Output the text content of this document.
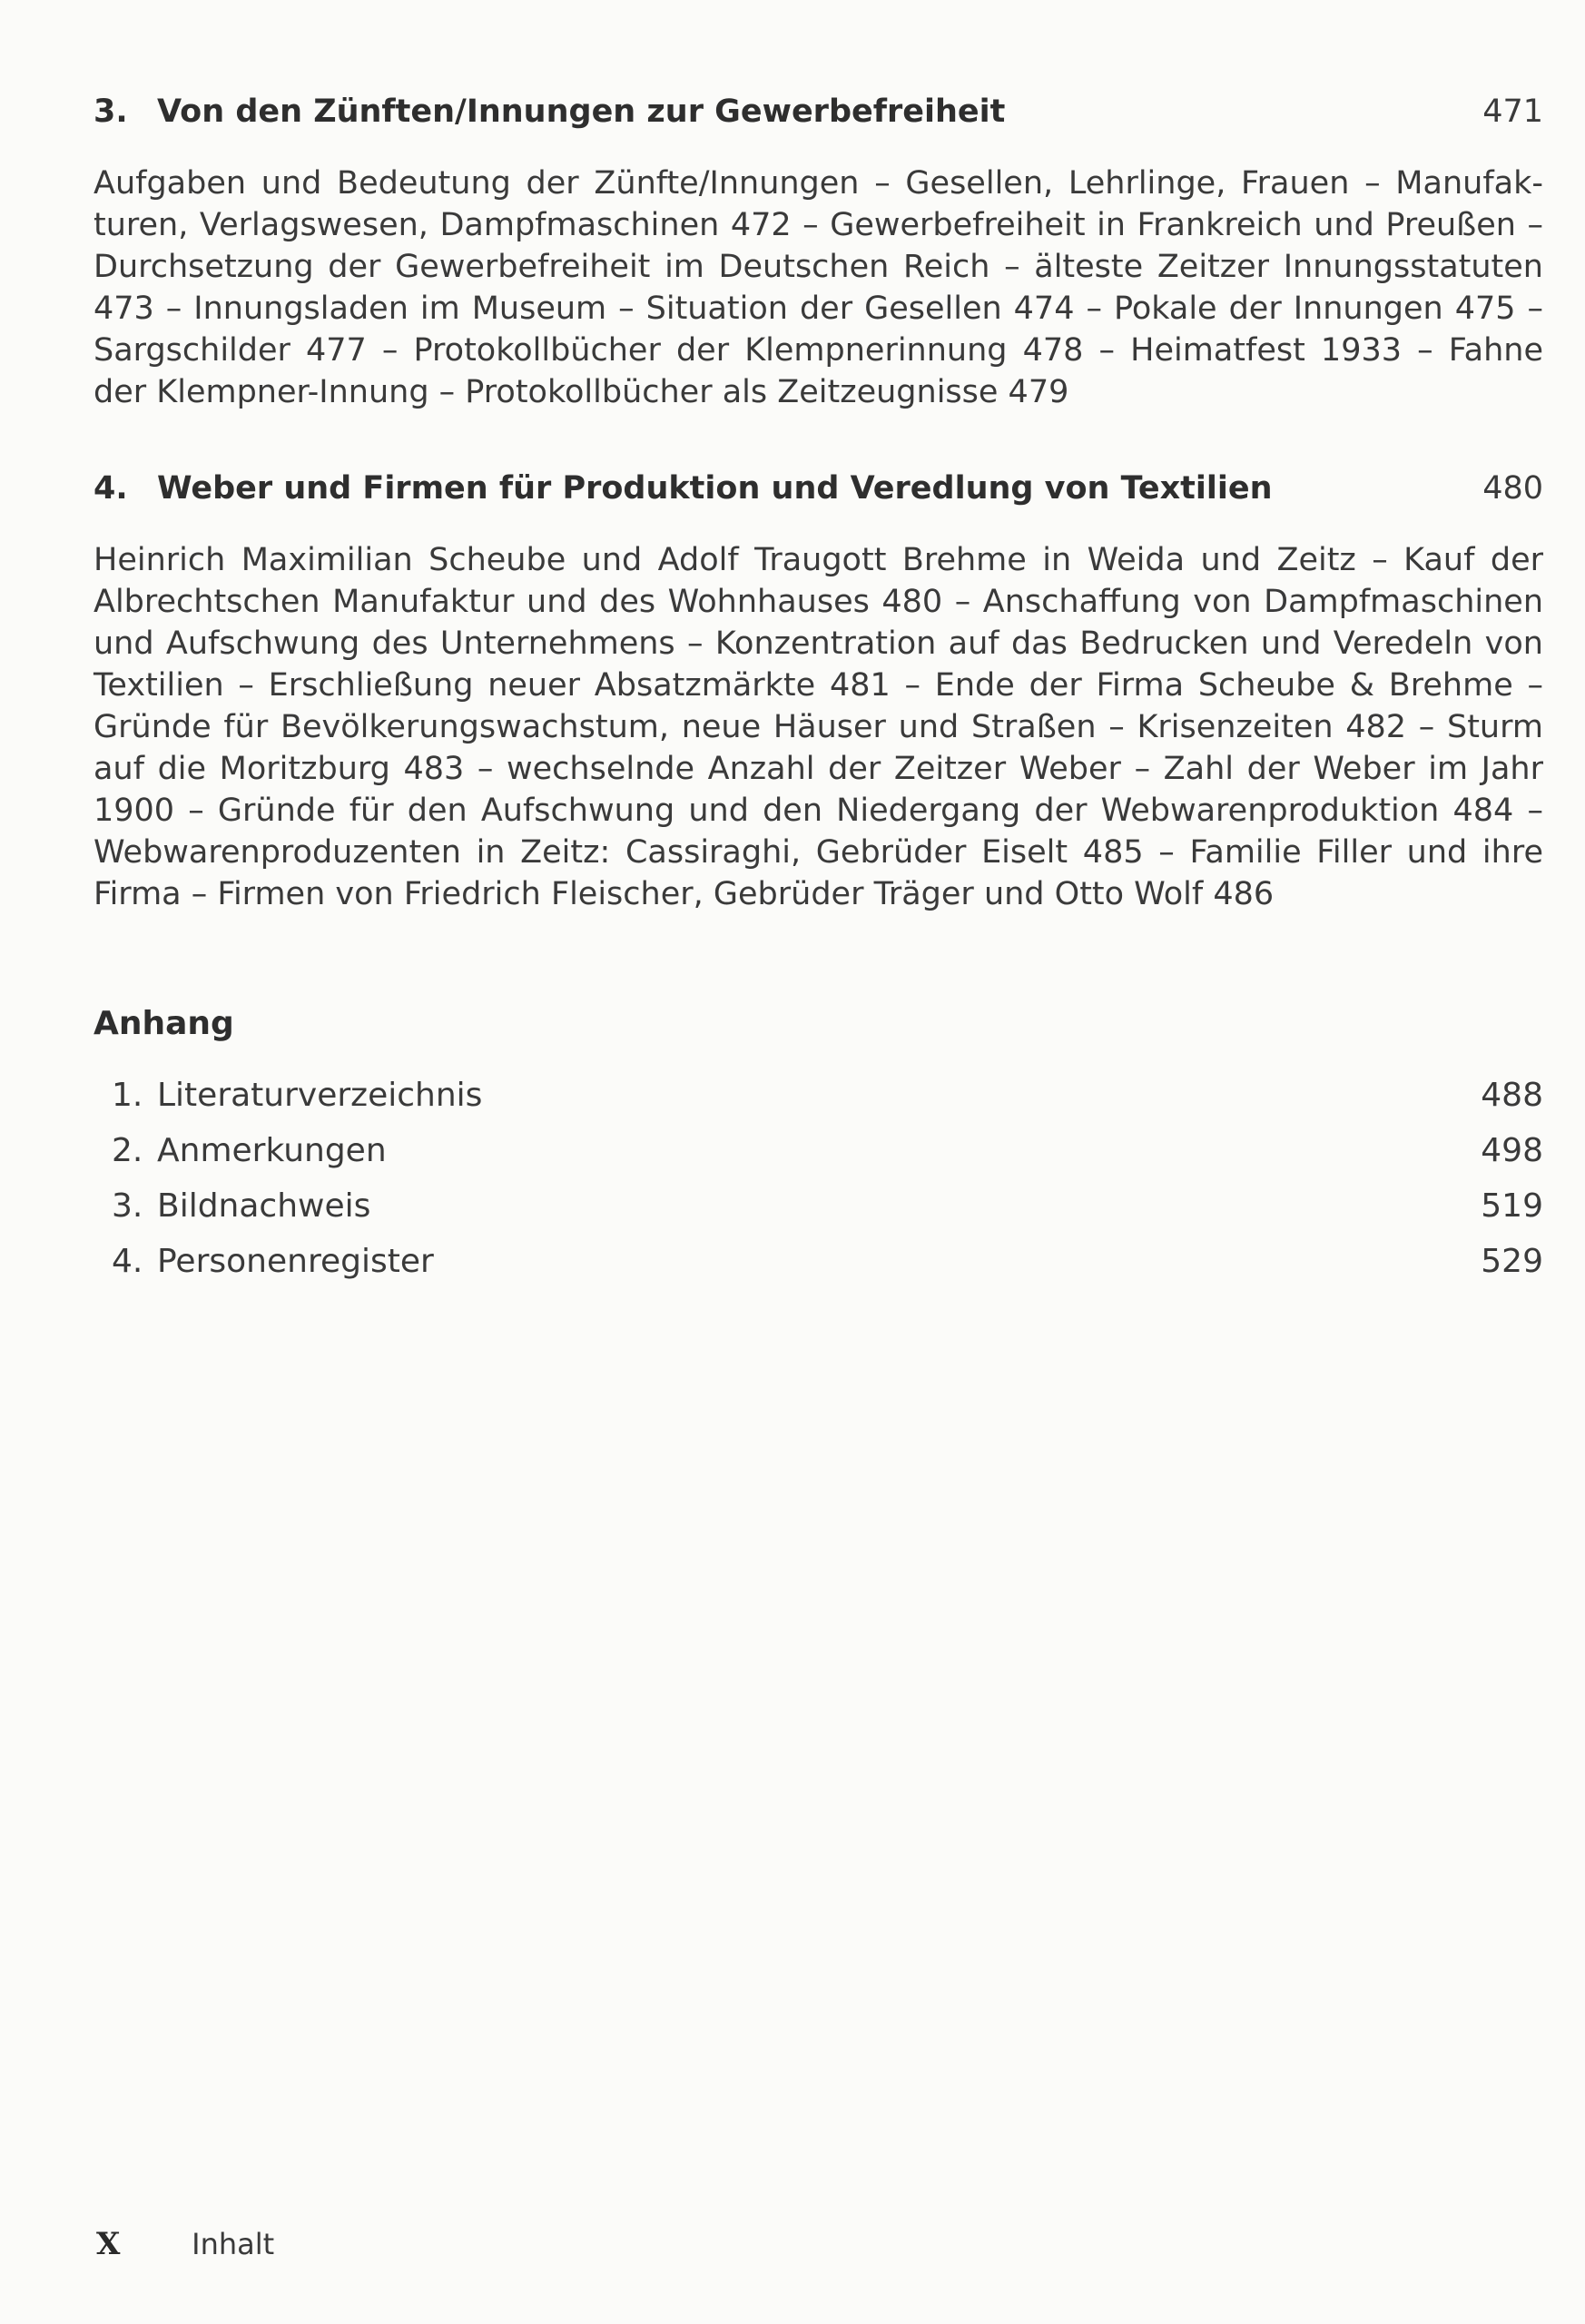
3. Von den Zünften/Innungen zur Gewerbefreiheit	471
Aufgaben und Bedeutung der Zünfte/Innungen – Gesellen, Lehrlinge, Frauen – Manufakturen, Verlagswesen, Dampfmaschinen 472 – Gewerbefreiheit in Frankreich und Preußen – Durchsetzung der Gewerbefreiheit im Deutschen Reich – älteste Zeitzer Innungsstatuten 473 – Innungsladen im Museum – Situation der Gesellen 474 – Pokale der Innungen 475 – Sargschilder 477 – Protokollbücher der Klempnerinnung 478 – Heimatfest 1933 – Fahne der Klempner-Innung – Protokollbücher als Zeitzeugnisse 479
4. Weber und Firmen für Produktion und Veredlung von Textilien	480
Heinrich Maximilian Scheube und Adolf Traugott Brehme in Weida und Zeitz – Kauf der Albrechtschen Manufaktur und des Wohnhauses 480 – Anschaffung von Dampfmaschinen und Aufschwung des Unternehmens – Konzentration auf das Bedrucken und Veredeln von Textilien – Erschließung neuer Absatzmärkte 481 – Ende der Firma Scheube & Brehme – Gründe für Bevölkerungswachstum, neue Häuser und Straßen – Krisenzeiten 482 – Sturm auf die Moritzburg 483 – wechselnde Anzahl der Zeitzer Weber – Zahl der Weber im Jahr 1900 – Gründe für den Aufschwung und den Niedergang der Webwarenproduktion 484 – Webwarenproduzenten in Zeitz: Cassiraghi, Gebrüder Eiselt 485 – Familie Filler und ihre Firma – Firmen von Friedrich Fleischer, Gebrüder Träger und Otto Wolf 486
Anhang
1. Literaturverzeichnis	488
2. Anmerkungen	498
3. Bildnachweis	519
4. Personenregister	529
X Inhalt
